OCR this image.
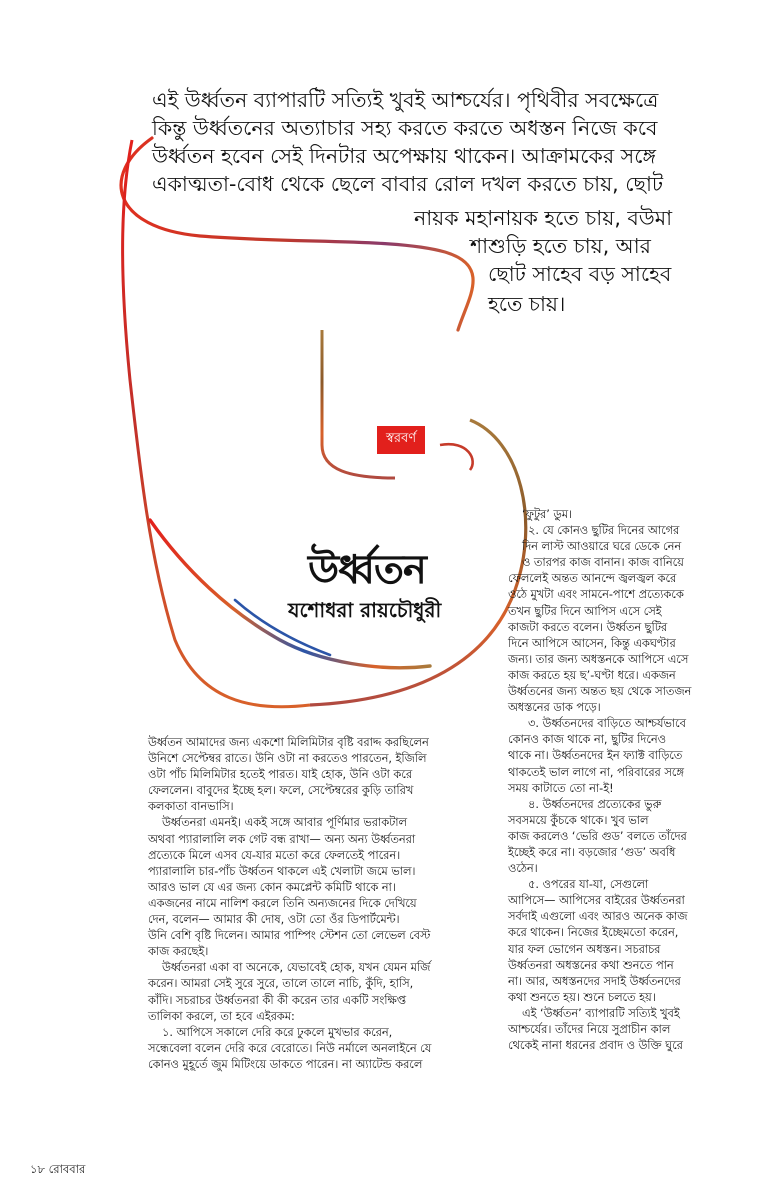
এই উর্ধ্বতন ব্যাপারটি সত্যিই খুবই আশ্চর্যের। পৃথিবীর সবক্ষেত্রে
কিন্তু উর্ধ্বতনের অত্যাচার সহ্য করতে করতে অধস্তন নিজে কবে
উর্ধ্বতন হবেন সেই দিনটার অপেক্ষায় থাকেন। আক্রামকের সঙ্গে
একাত্মতা-বোধ থেকে ছেলে বাবার রোল দখল করতে চায়, ছোট
নায়ক মহানায়ক হতে চায়, বউমা
শাশুড়ি হতে চায়, আর
ছোট সাহেব বড় সাহেব
হতে চায়।
স্বরবর্ণ
উর্ধ্বতন
যশোধরা রায়চৌধুরী

উর্ধ্বতন আমাদের জন্য একশো মিলিমিটার বৃষ্টি বরাদ্দ করছিলেন

উনিশে সেপ্টেম্বর রাতে। উনি ওটা না করতেও পারতেন, ইজিলি

ওটা পাঁচ মিলিমিটার হতেই পারত। যাই হোক, উনি ওটা করে

ফেললেন। বাবুদের ইচ্ছে হল। ফলে, সেপ্টেম্বরের কুড়ি তারিখ

কলকাতা বানভাসি।

উর্ধ্বতনরা এমনই। একই সঙ্গে আবার পূর্ণিমার ভরাকটাল

অথবা প্যারালালি লক গেট বন্ধ রাখা— অন্য অন্য উর্ধ্বতনরা

প্রত্যেকে মিলে এসব যে-যার মতো করে ফেলতেই পারেন।

প্যারালালি চার-পাঁচ উর্ধ্বতন থাকলে এই খেলাটা জমে ভাল।

আরও ভাল যে এর জন্য কোন কমপ্লেন্ট কমিটি থাকে না।

একজনের নামে নালিশ করলে তিনি অন্যজনের দিকে দেখিয়ে

দেন, বলেন— আমার কী দোষ, ওটা তো ওঁর ডিপার্টমেন্ট।

উনি বেশি বৃষ্টি দিলেন। আমার পাম্পিং স্টেশন তো লেভেল বেস্ট

কাজ করছেই।

উর্ধ্বতনরা একা বা অনেকে, যেভাবেই হোক, যখন যেমন মর্জি

করেন। আমরা সেই সুরে সুরে, তালে তালে নাচি, কুঁদি, হাসি,

কাঁদি। সচরাচর উর্ধ্বতনরা কী কী করেন তার একটি সংক্ষিপ্ত

তালিকা করলে, তা হবে এইরকম:

১. আপিসে সকালে দেরি করে ঢুকলে মুখভার করেন,

সন্ধেবেলা বলেন দেরি করে বেরোতে। নিউ নর্মালে অনলাইনে যে

কোনও মুহূর্তে জুম মিটিংয়ে ডাকতে পারেন। না অ্যাটেন্ড করলে

‘ফুটুর’ ডুম।

২. যে কোনও ছুটির দিনের আগের

দিন লাস্ট আওয়ারে ঘরে ডেকে নেন

ও তারপর কাজ বানান। কাজ বানিয়ে

ফেললেই অন্তত আনন্দে জ্বলজ্বল করে

ওঠে মুখটা এবং সামনে-পাশে প্রত্যেককে

তখন ছুটির দিনে আপিস এসে সেই

কাজটা করতে বলেন। উর্ধ্বতন ছুটির

দিনে আপিসে আসেন, কিন্তু একঘণ্টার

জন্য। তার জন্য অধস্তনকে আপিসে এসে

কাজ করতে হয় ছ’-ঘণ্টা ধরে। একজন

উর্ধ্বতনের জন্য অন্তত ছয় থেকে সাতজন

অধস্তনের ডাক পড়ে।

৩. উর্ধ্বতনদের বাড়িতে আশ্চর্যভাবে

কোনও কাজ থাকে না, ছুটির দিনেও

থাকে না। উর্ধ্বতনদের ইন ফ্যাক্ট বাড়িতে

থাকতেই ভাল লাগে না, পরিবারের সঙ্গে

সময় কাটাতে তো না-ই!

৪. উর্ধ্বতনদের প্রত্যেকের ভুরু

সবসময়ে কুঁচকে থাকে। খুব ভাল

কাজ করলেও ‘ভেরি গুড’ বলতে তাঁদের

ইচ্ছেই করে না। বড়জোর ‘গুড’ অবধি

ওঠেন।

৫. ওপরের যা-যা, সেগুলো

আপিসে— আপিসের বাইরের উর্ধ্বতনরা

সর্বদাই এগুলো এবং আরও অনেক কাজ

করে থাকেন। নিজের ইচ্ছেমতো করেন,

যার ফল ভোগেন অধস্তন। সচরাচর

উর্ধ্বতনরা অধস্তনের কথা শুনতে পান

না। আর, অধস্তনদের সদাই উর্ধ্বতনদের

কথা শুনতে হয়। শুনে চলতে হয়।

এই ‘উর্ধ্বতন’ ব্যাপারটি সত্যিই খুবই

আশ্চর্যের। তাঁদের নিয়ে সুপ্রাচীন কাল

থেকেই নানা ধরনের প্রবাদ ও উক্তি ঘুরে

১৮ রোববার
